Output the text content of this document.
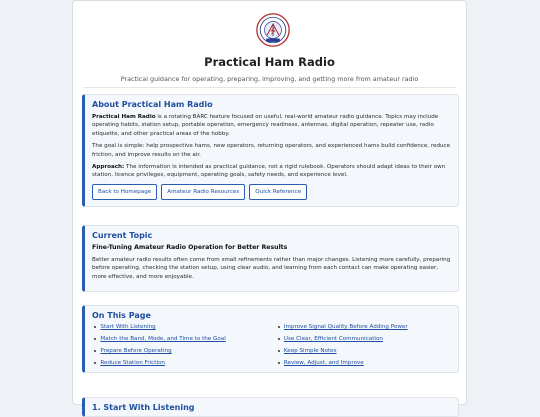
Practical Ham Radio
Practical guidance for operating, preparing, improving, and getting more from amateur radio
About Practical Ham Radio

Practical Ham Radio is a rotating BARC feature focused on useful, real-world amateur radio guidance. Topics may include operating habits, station setup, portable operation, emergency readiness, antennas, digital operation, repeater use, radio etiquette, and other practical areas of the hobby.

The goal is simple: help prospective hams, new operators, returning operators, and experienced hams build confidence, reduce friction, and improve results on the air.

Approach: The information is intended as practical guidance, not a rigid rulebook. Operators should adapt ideas to their own station, licence privileges, equipment, operating goals, safety needs, and experience level.

Back to Homepage	Amateur Radio Resources	Quick Reference
Current Topic
Fine-Tuning Amateur Radio Operation for Better Results

Better amateur radio results often come from small refinements rather than major changes. Listening more carefully, preparing before operating, checking the station setup, using clear audio, and learning from each contact can make operating easier, more effective, and more enjoyable.

On This Page
Start With Listening	Improve Signal Quality Before Adding Power
Match the Band, Mode, and Time to the Goal	Use Clear, Efficient Communication
Prepare Before Operating	Keep Simple Notes
Reduce Station Friction	Review, Adjust, and Improve
1. Start With Listening
